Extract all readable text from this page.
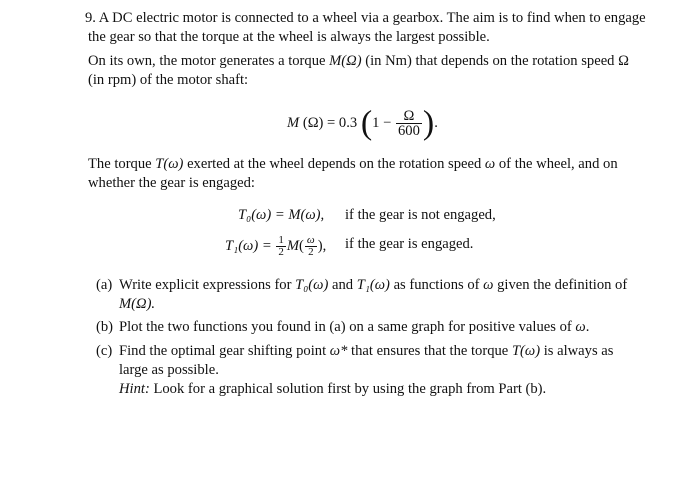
9. A DC electric motor is connected to a wheel via a gearbox. The aim is to find when to engage
the gear so that the torque at the wheel is always the largest possible.
On its own, the motor generates a torque M(Ω) (in Nm) that depends on the rotation speed Ω
(in rpm) of the motor shaft:
M (Ω) = 0.3 ($1 - \frac{\Omega}{600}$ ).
The torque T(ω) exerted at the wheel depends on the rotation speed ω of the wheel, and on
whether the gear is engaged:
T₀(ω) = M(ω), if the gear is not engaged,
$T_1(\omega) = \frac{1}{2} M( \frac{\omega}{2}$ ), if the gear is engaged.
(a) Write explicit expressions for T₀(ω) and T₁(ω) as functions of ω given the definition of
M(Ω).
(b) Plot the two functions you found in (a) on a same graph for positive values of ω.
(c) Find the optimal gear shifting point ω* that ensures that the torque T(ω) is always as
large as possible.
Hint: Look for a graphical solution first by using the graph from Part (b).
